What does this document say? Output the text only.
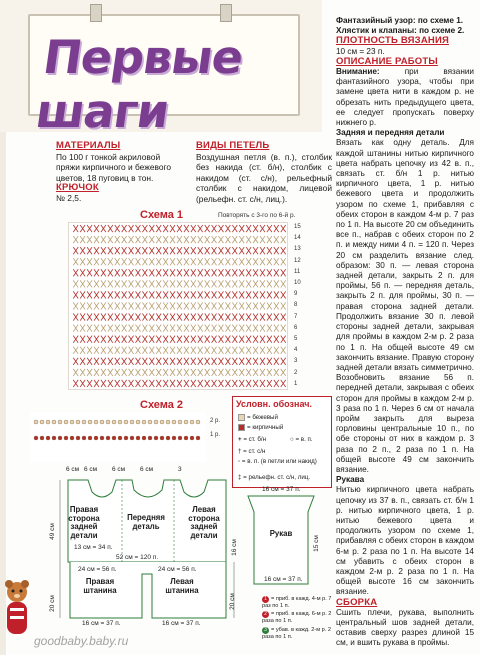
Первые шаги
МАТЕРИАЛЫ
По 100 г тонкой акриловой пряжи кирпичного и бежевого цветов, 18 пуговиц в тон.
КРЮЧОК
№ 2,5.
ВИДЫ ПЕТЕЛЬ
Воздушная петля (в. п.), столбик без накида (ст. б/н), столбик с накидом (ст. с/н), рельефный столбик с накидом, лицевой (рельефн. ст. с/н, лиц.).
Схема 1	Повторять с 3-го по 6-й р.
15
14
13
12
11
10
9
8
7
6
5
4
3
2
1
Схема 2
2 р.
1 р.
Условн. обознач.
= бежевый
= кирпичный
+ = ст. б/н	○ = в. п.
† = ст. с/н
◦ = в. п. (в петли или накид)
‡ = рельефн. ст. с/н, лиц.
6 см 6 см 6 см 6 см	3
Правая сторона задней детали
Передняя деталь
Левая сторона задней детали
13 см = 34 п.
52 см = 120 п.
24 см = 56 п.	24 см = 56 п.
Правая штанина
Левая штанина
16 см = 37 п.	16 см = 37 п.
49 см
20 см	20 см
16 см = 37 п.
Рукав
16 см
16 см = 37 п.
15 см
1 = приб. в кажд. 4-м р. 7 раз по 1 п.
2 = приб. в кажд. 6-м р. 2 раза по 1 п.
3 = убав. в кажд. 2-м р. 2 раза по 1 п.
Фантазийный узор: по схеме 1.
Хлястик и клапаны: по схеме 2.
ПЛОТНОСТЬ ВЯЗАНИЯ
10 см = 23 п.
ОПИСАНИЕ РАБОТЫ
Внимание:	при вязании фантазийного узора, чтобы при замене цвета нити в каждом р. не обрезать нить предыдущего цвета, ее следует пропускать поверху нижнего р.
Задняя и передняя детали
Вязать как одну деталь. Для каждой штанины нитью кирпичного цвета набрать цепочку из 42 в. п., связать ст. б/н 1 р. нитью кирпичного цвета, 1 р. нитью бежевого цвета и продолжить узором по схеме 1, прибавляя с обеих сторон в каждом 4-м р. 7 раз по 1 п. На высоте 20 см объединить все п., набрав с обеих сторон по 2 п. и между ними 4 п. = 120 п. Через 20 см разделить вязание след. образом: 30 п. — левая сторона задней детали, закрыть 2 п. для проймы, 56 п. — передняя деталь, закрыть 2 п. для проймы, 30 п. — правая сторона задней детали. Продолжить вязание 30 п. левой стороны задней детали, закрывая для проймы в каждом 2-м р. 2 раза по 1 п. На общей высоте 49 см закончить вязание. Правую сторону задней детали вязать симметрично. Возобновить вязание 56 п. передней детали, закрывая с обеих сторон для проймы в каждом 2-м р. 3 раза по 1 п. Через 6 см от начала пройм закрыть для выреза горловины центральные 10 п., по обе стороны от них в каждом р. 3 раза по 2 п., 2 раза по 1 п. На общей высоте 49 см закончить вязание.
Рукава
Нитью кирпичного цвета набрать цепочку из 37 в. п., связать ст. б/н 1 р. нитью кирпичного цвета, 1 р. нитью бежевого цвета и продолжить узором по схеме 1, прибавляя с обеих сторон в каждом 6-м р. 2 раза по 1 п. На высоте 14 см убавить с обеих сторон в каждом 2-м р. 2 раза по 1 п. На общей высоте 16 см закончить вязание.
СБОРКА
Сшить плечи, рукава, выполнить центральный шов задней детали, оставив сверху разрез длиной 15 см, и вшить рукава в проймы.
goodbaby.baby.ru
